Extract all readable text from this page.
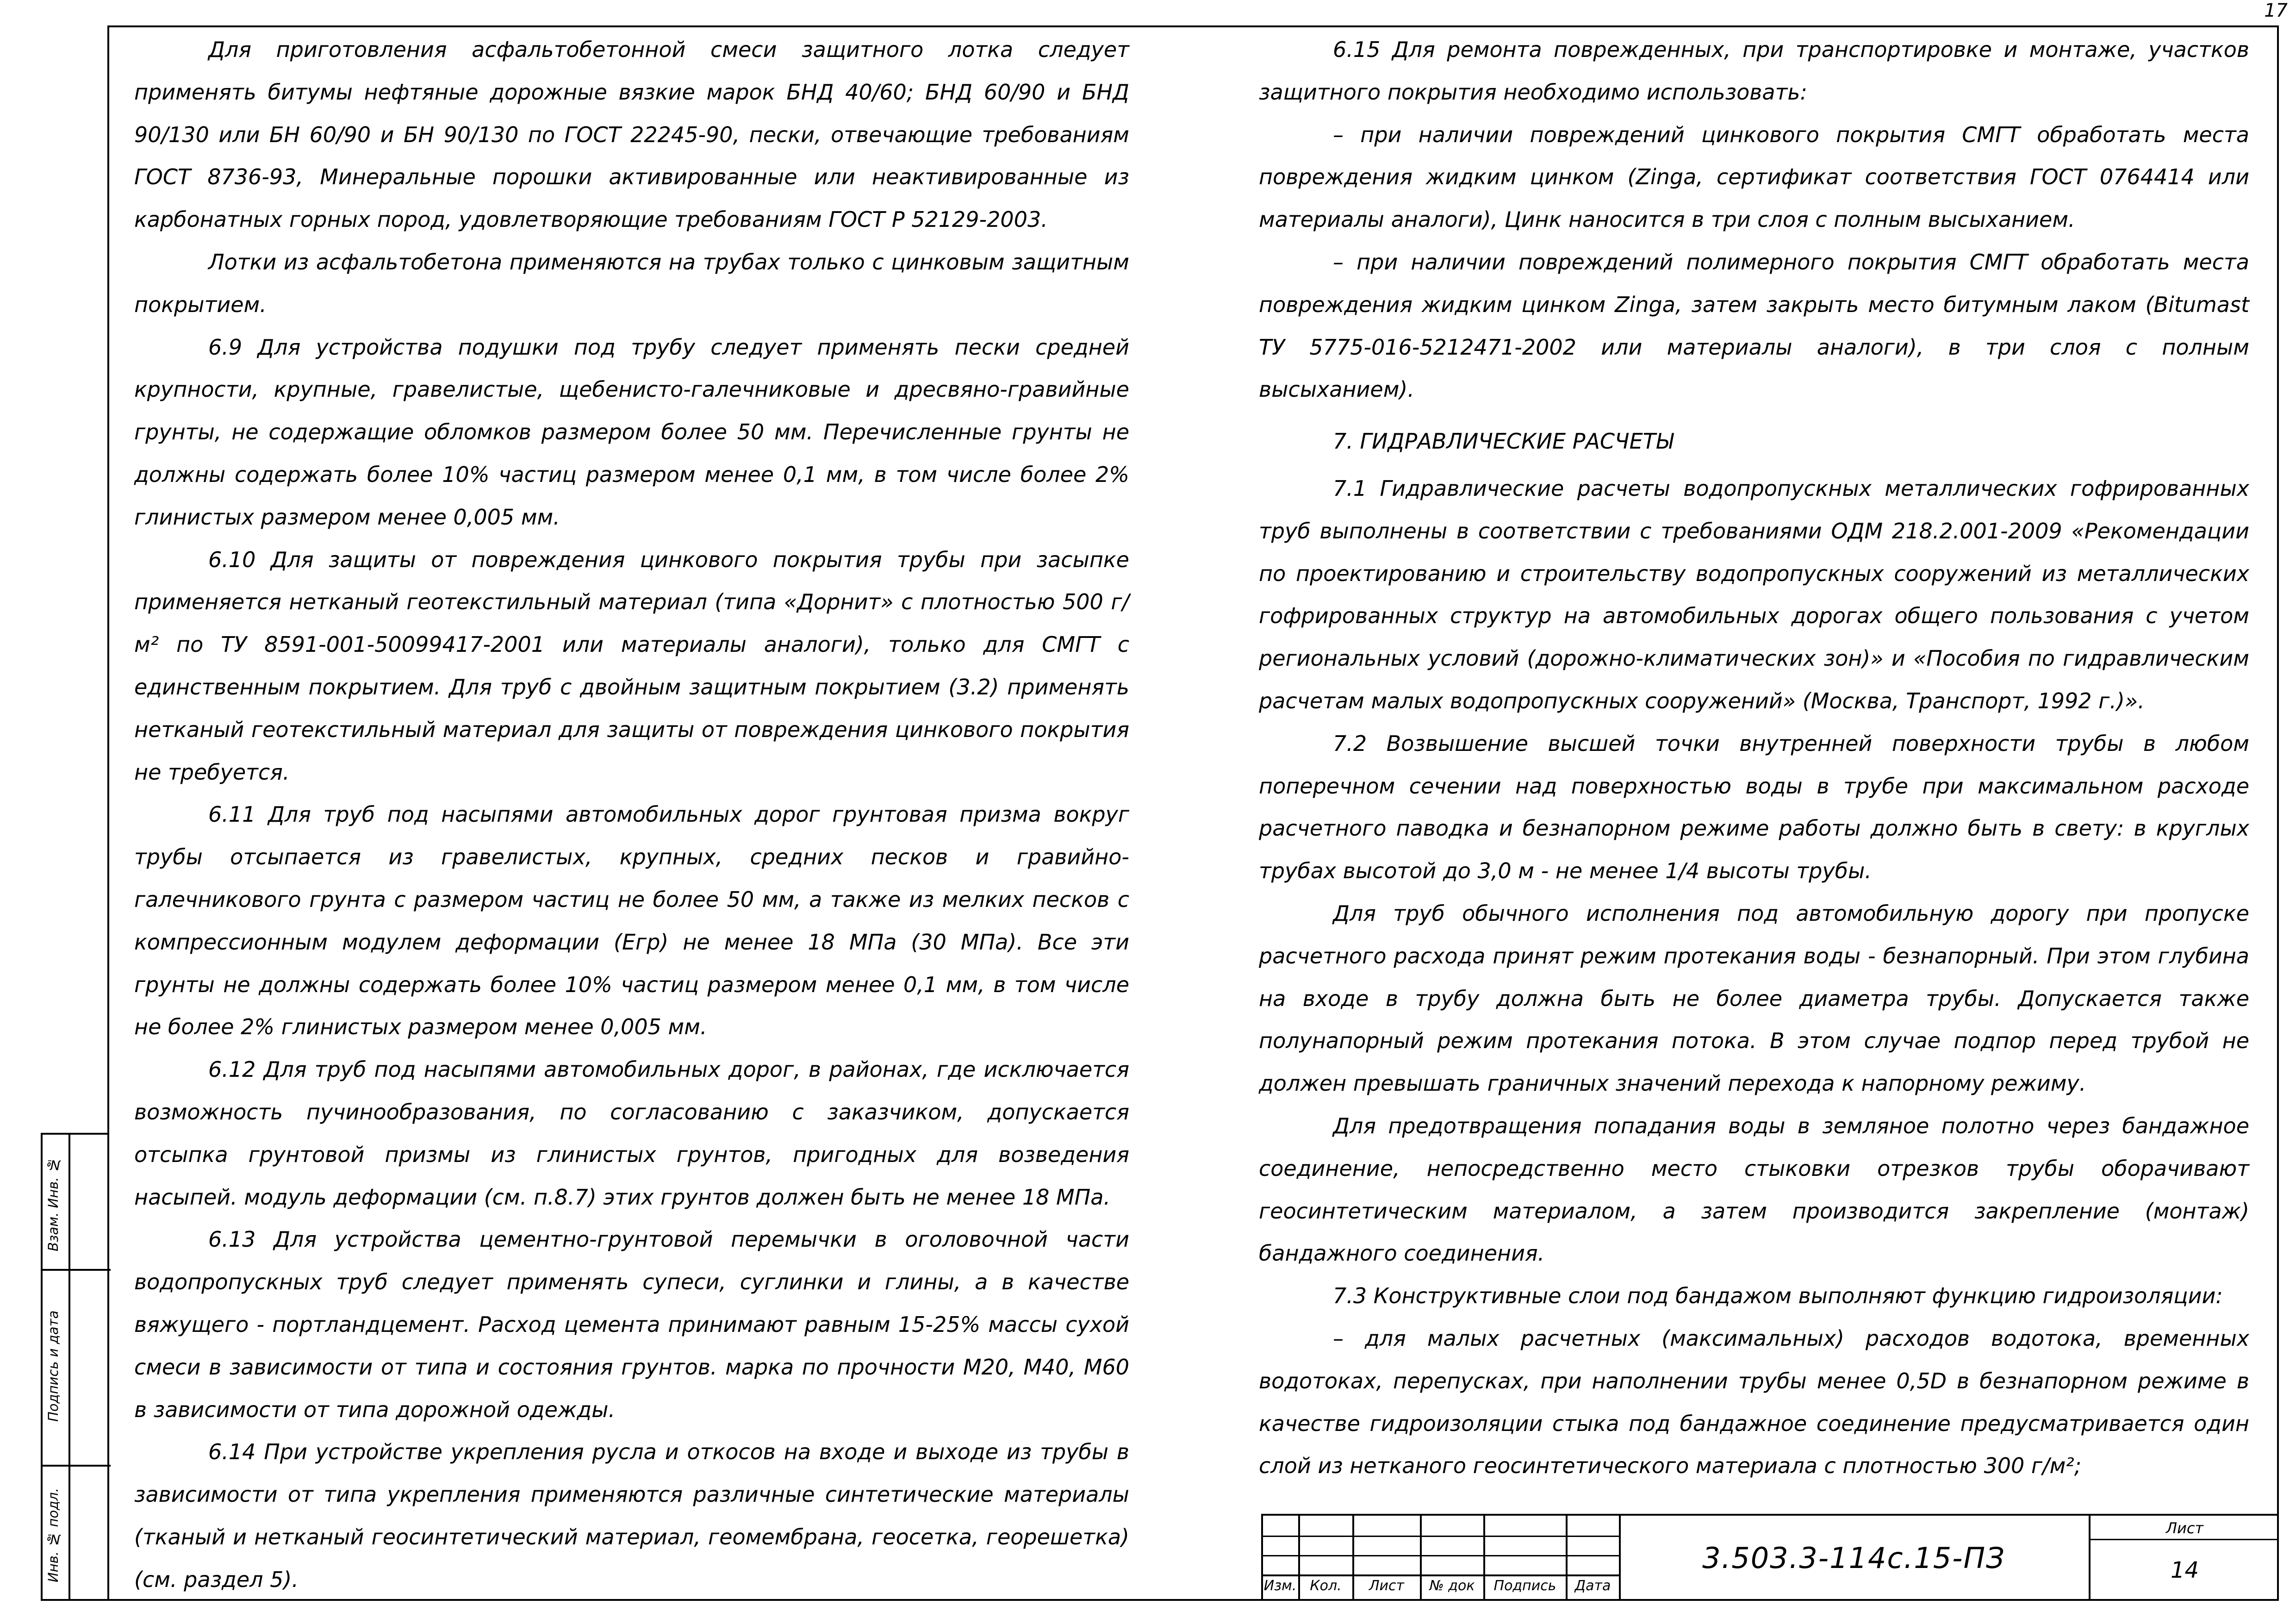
17
Взам. Инв. №
Подпись и дата
Инв. № подл.

Для приготовления асфальтобетонной смеси защитного лотка следует применять битумы нефтяные дорожные вязкие марок БНД 40/60; БНД 60/90 и БНД 90/130 или БН 60/90 и БН 90/130 по ГОСТ 22245-90, пески, отвечающие требованиям ГОСТ 8736-93, Минеральные порошки активированные или неактивированные из карбонатных горных пород, удовлетворяющие требованиям ГОСТ Р 52129-2003.

Лотки из асфальтобетона применяются на трубах только с цинковым защитным покрытием.

6.9 Для устройства подушки под трубу следует применять пески средней крупности, крупные, гравелистые, щебенисто-галечниковые и дресвяно-гравийные грунты, не содержащие обломков размером более 50 мм. Перечисленные грунты не должны содержать более 10% частиц размером менее 0,1 мм, в том числе более 2% глинистых размером менее 0,005 мм.

6.10 Для защиты от повреждения цинкового покрытия трубы при засыпке применяется нетканый геотекстильный материал (типа «Дорнит» с плотностью 500 г/м² по ТУ 8591-001-50099417-2001 или материалы аналоги), только для СМГТ с единственным покрытием. Для труб с двойным защитным покрытием (3.2) применять нетканый геотекстильный материал для защиты от повреждения цинкового покрытия не требуется.

6.11 Для труб под насыпями автомобильных дорог грунтовая призма вокруг трубы отсыпается из гравелистых, крупных, средних песков и гравийно-галечникового грунта с размером частиц не более 50 мм, а также из мелких песков с компрессионным модулем деформации (Егр) не менее 18 МПа (30 МПа). Все эти грунты не должны содержать более 10% частиц размером менее 0,1 мм, в том числе не более 2% глинистых размером менее 0,005 мм.

6.12 Для труб под насыпями автомобильных дорог, в районах, где исключается возможность пучинообразования, по согласованию с заказчиком, допускается отсыпка грунтовой призмы из глинистых грунтов, пригодных для возведения насыпей. модуль деформации (см. п.8.7) этих грунтов должен быть не менее 18 МПа.

6.13 Для устройства цементно-грунтовой перемычки в оголовочной части водопропускных труб следует применять супеси, суглинки и глины, а в качестве вяжущего - портландцемент. Расход цемента принимают равным 15-25% массы сухой смеси в зависимости от типа и состояния грунтов. марка по прочности М20, М40, М60 в зависимости от типа дорожной одежды.

6.14 При устройстве укрепления русла и откосов на входе и выходе из трубы в зависимости от типа укрепления применяются различные синтетические материалы (тканый и нетканый геосинтетический материал, геомембрана, геосетка, георешетка) (см. раздел 5).

6.15 Для ремонта поврежденных, при транспортировке и монтаже, участков защитного покрытия необходимо использовать:

– при наличии повреждений цинкового покрытия СМГТ обработать места повреждения жидким цинком (Zinga, сертификат соответствия ГОСТ 0764414 или материалы аналоги), Цинк наносится в три слоя с полным высыханием.

– при наличии повреждений полимерного покрытия СМГТ обработать места повреждения жидким цинком Zinga, затем закрыть место битумным лаком (Bitumast ТУ 5775-016-5212471-2002 или материалы аналоги), в три слоя с полным высыханием).

7. ГИДРАВЛИЧЕСКИЕ РАСЧЕТЫ

7.1 Гидравлические расчеты водопропускных металлических гофрированных труб выполнены в соответствии с требованиями ОДМ 218.2.001-2009 «Рекомендации по проектированию и строительству водопропускных сооружений из металлических гофрированных структур на автомобильных дорогах общего пользования с учетом региональных условий (дорожно-климатических зон)» и «Пособия по гидравлическим расчетам малых водопропускных сооружений» (Москва, Транспорт, 1992 г.)».

7.2 Возвышение высшей точки внутренней поверхности трубы в любом поперечном сечении над поверхностью воды в трубе при максимальном расходе расчетного паводка и безнапорном режиме работы должно быть в свету: в круглых трубах высотой до 3,0 м - не менее 1/4 высоты трубы.

Для труб обычного исполнения под автомобильную дорогу при пропуске расчетного расхода принят режим протекания воды - безнапорный. При этом глубина на входе в трубу должна быть не более диаметра трубы. Допускается также полунапорный режим протекания потока. В этом случае подпор перед трубой не должен превышать граничных значений перехода к напорному режиму.

Для предотвращения попадания воды в земляное полотно через бандажное соединение, непосредственно место стыковки отрезков трубы оборачивают геосинтетическим материалом, а затем производится закрепление (монтаж) бандажного соединения.

7.3 Конструктивные слои под бандажом выполняют функцию гидроизоляции:

– для малых расчетных (максимальных) расходов водотока, временных водотоках, перепусках, при наполнении трубы менее 0,5D в безнапорном режиме в качестве гидроизоляции стыка под бандажное соединение предусматривается один слой из нетканого геосинтетического материала с плотностью 300 г/м²;

Изм. Кол.	Лист	№ док	Подпись	Дата
3.503.3-114с.15-ПЗ
Лист
14
